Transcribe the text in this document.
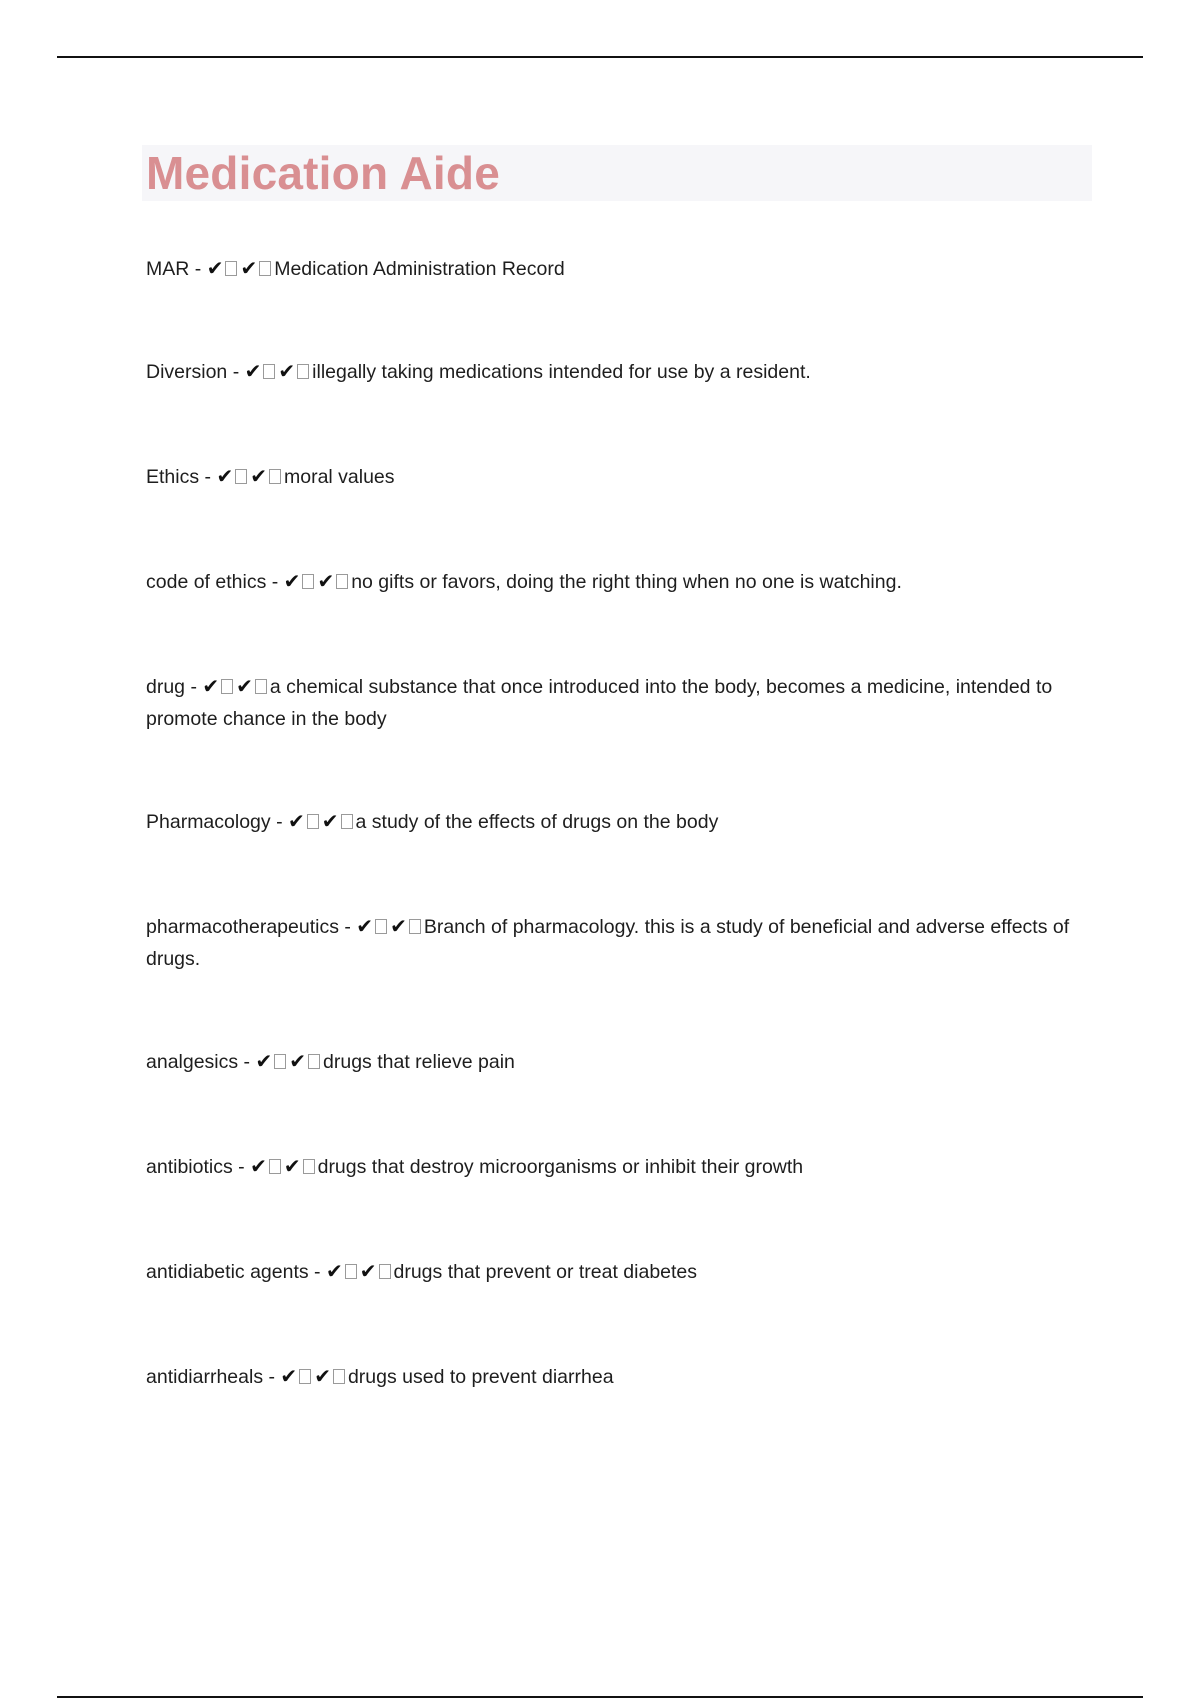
Medication Aide
MAR - ✔ ✔ Medication Administration Record
Diversion - ✔ ✔ illegally taking medications intended for use by a resident.
Ethics - ✔ ✔ moral values
code of ethics - ✔ ✔ no gifts or favors, doing the right thing when no one is watching.
drug - ✔ ✔ a chemical substance that once introduced into the body, becomes a medicine, intended to promote chance in the body
Pharmacology - ✔ ✔ a study of the effects of drugs on the body
pharmacotherapeutics - ✔ ✔ Branch of pharmacology. this is a study of beneficial and adverse effects of drugs.
analgesics - ✔ ✔ drugs that relieve pain
antibiotics - ✔ ✔ drugs that destroy microorganisms or inhibit their growth
antidiabetic agents - ✔ ✔ drugs that prevent or treat diabetes
antidiarrheals - ✔ ✔ drugs used to prevent diarrhea
